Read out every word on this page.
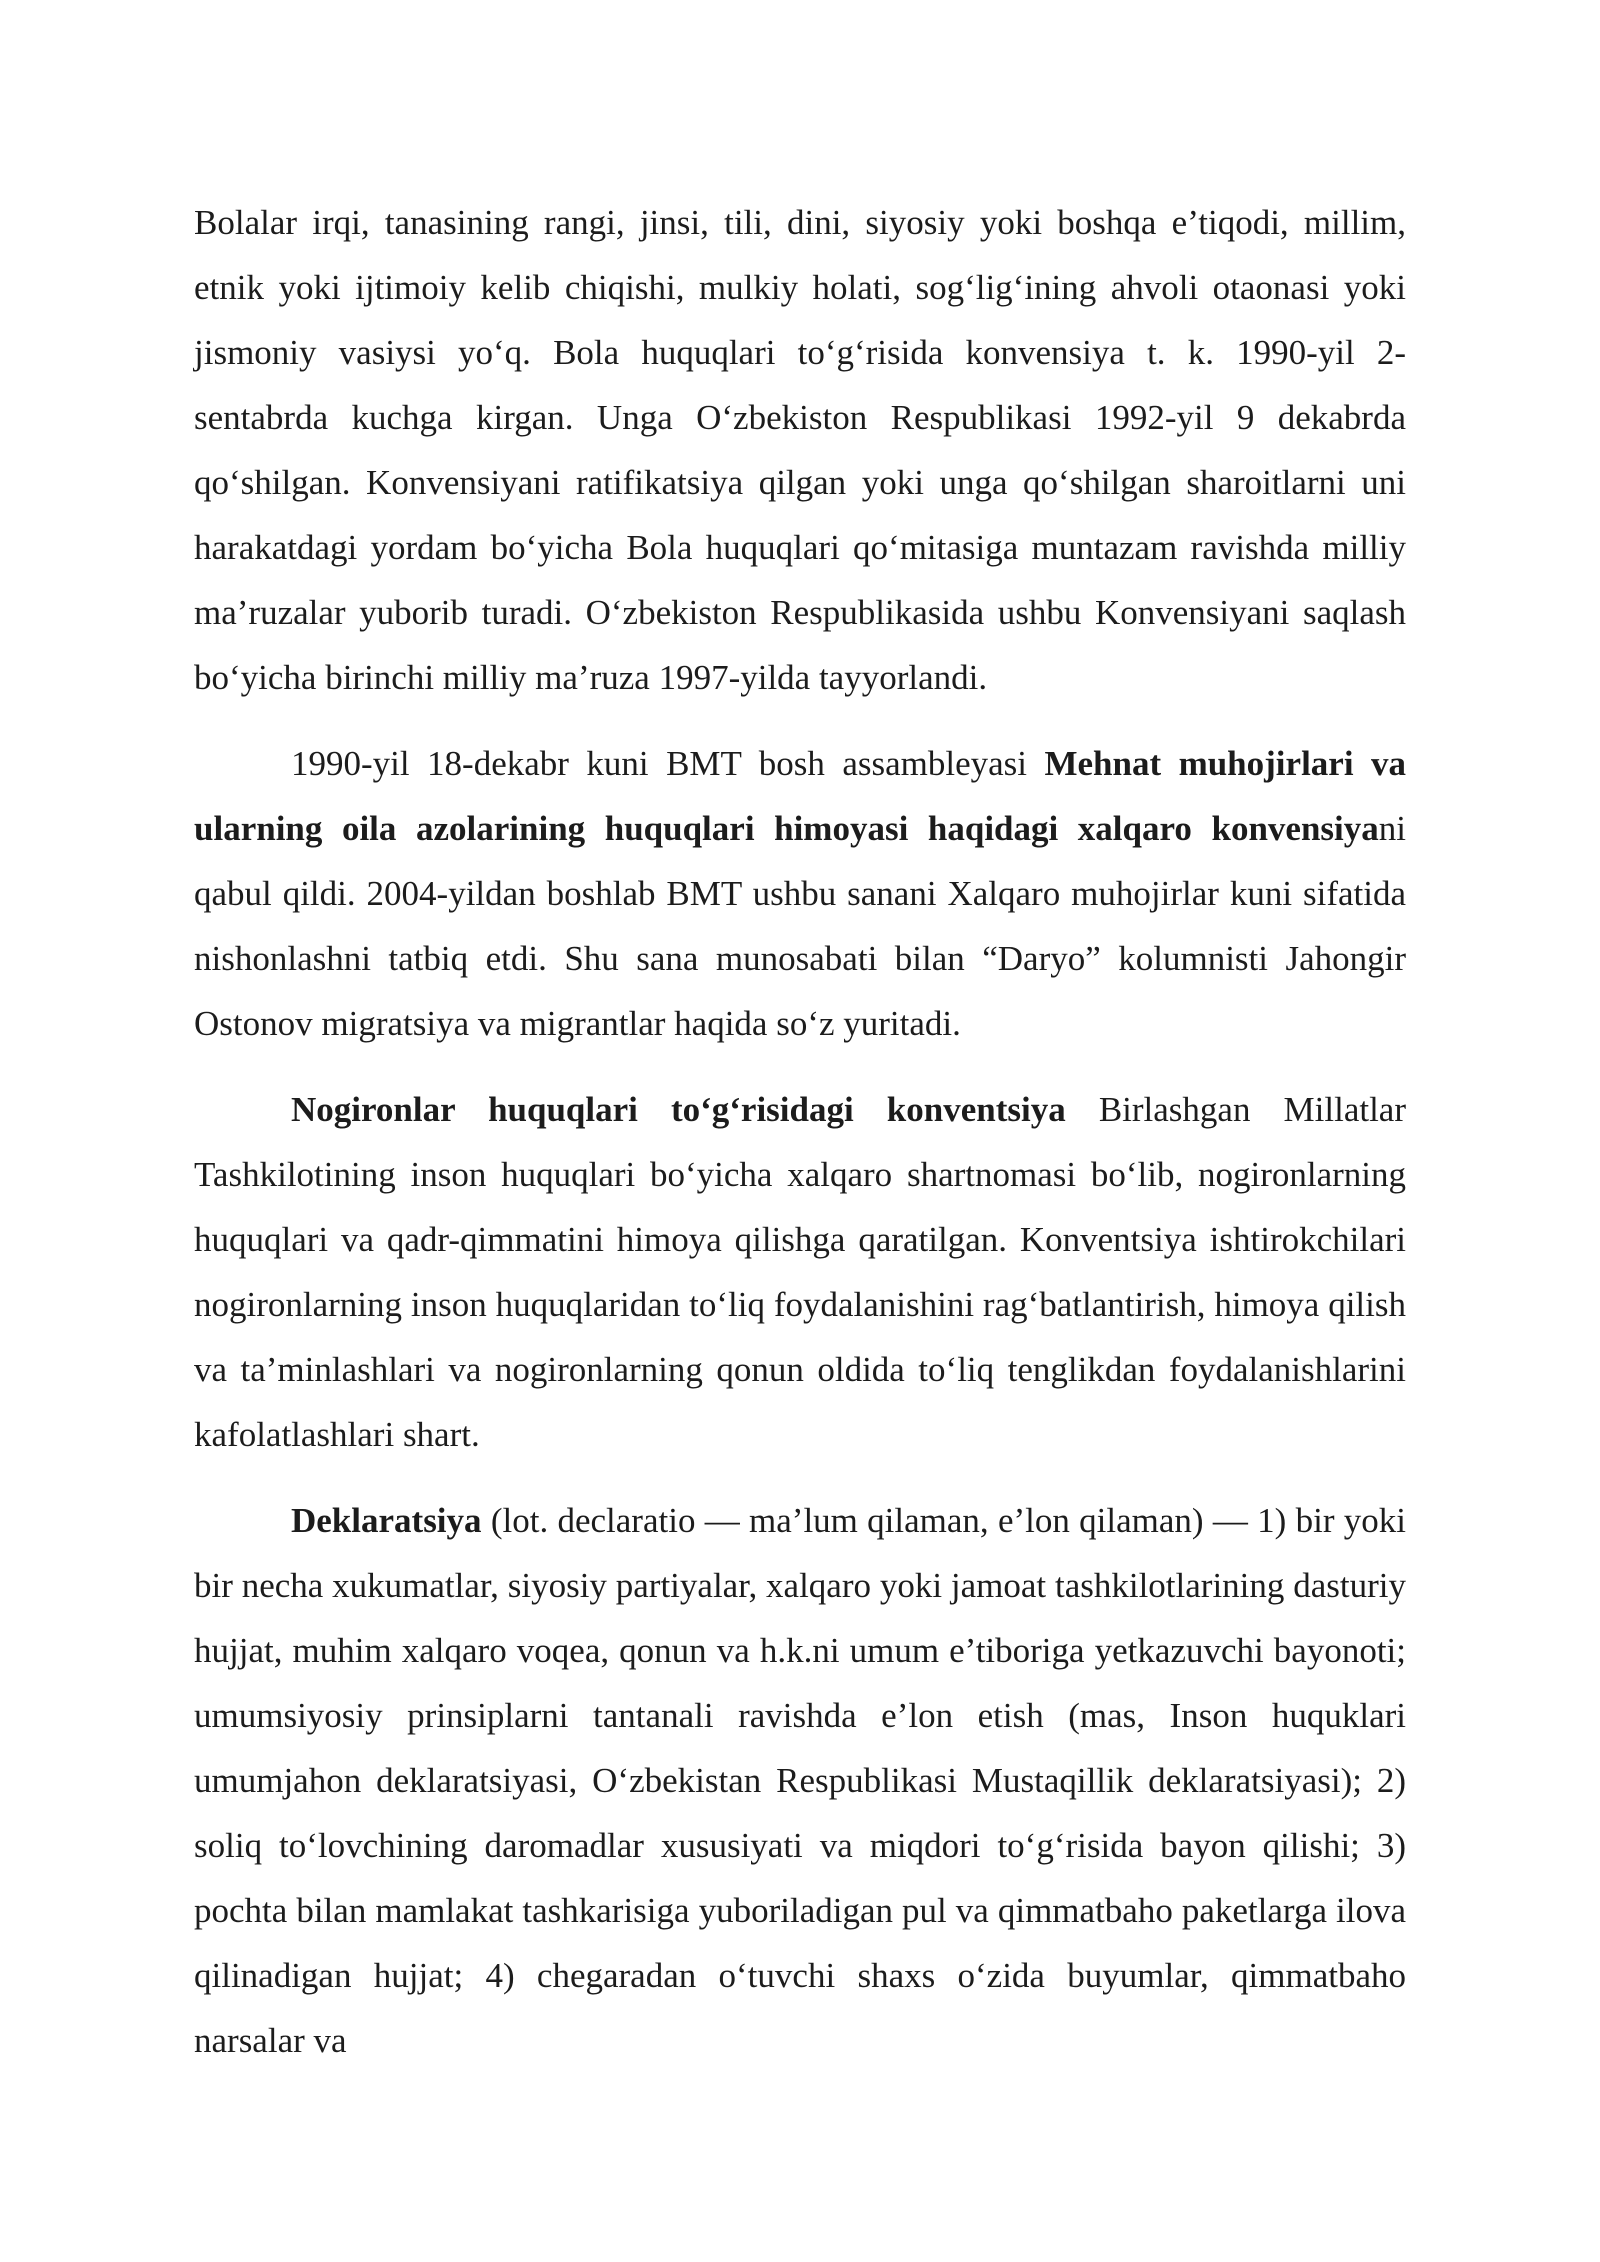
Bolalar irqi, tanasining rangi, jinsi, tili, dini, siyosiy yoki boshqa e’tiqodi, millim, etnik yoki ijtimoiy kelib chiqishi, mulkiy holati, sog‘lig‘ining ahvoli otaonasi yoki jismoniy vasiysi yo‘q. Bola huquqlari to‘g‘risida konvensiya t. k. 1990-yil 2-sentabrda kuchga kirgan. Unga O‘zbekiston Respublikasi 1992-yil 9 dekabrda qo‘shilgan. Konvensiyani ratifikatsiya qilgan yoki unga qo‘shilgan sharoitlarni uni harakatdagi yordam bo‘yicha Bola huquqlari qo‘mitasiga muntazam ravishda milliy ma’ruzalar yuborib turadi. O‘zbekiston Respublikasida ushbu Konvensiyani saqlash bo‘yicha birinchi milliy ma’ruza 1997-yilda tayyorlandi.

1990-yil 18-dekabr kuni BMT bosh assambleyasi Mehnat muhojirlari va ularning oila azolarining huquqlari himoyasi haqidagi xalqaro konvensiyani qabul qildi. 2004-yildan boshlab BMT ushbu sanani Xalqaro muhojirlar kuni sifatida nishonlashni tatbiq etdi. Shu sana munosabati bilan “Daryo” kolumnisti Jahongir Ostonov migratsiya va migrantlar haqida so‘z yuritadi.

Nogironlar huquqlari to‘g‘risidagi konventsiya Birlashgan Millatlar Tashkilotining inson huquqlari bo‘yicha xalqaro shartnomasi bo‘lib, nogironlarning huquqlari va qadr-qimmatini himoya qilishga qaratilgan. Konventsiya ishtirokchilari nogironlarning inson huquqlaridan to‘liq foydalanishini rag‘batlantirish, himoya qilish va ta’minlashlari va nogironlarning qonun oldida to‘liq tenglikdan foydalanishlarini kafolatlashlari shart.

Deklaratsiya (lot. declaratio — ma’lum qilaman, e’lon qilaman) — 1) bir yoki bir necha xukumatlar, siyosiy partiyalar, xalqaro yoki jamoat tashkilotlarining dasturiy hujjat, muhim xalqaro voqea, qonun va h.k.ni umum e’tiboriga yetkazuvchi bayonoti; umumsiyosiy prinsiplarni tantanali ravishda e’lon etish (mas, Inson huquklari umumjahon deklaratsiyasi, O‘zbekistan Respublikasi Mustaqillik deklaratsiyasi); 2) soliq to‘lovchining daromadlar xususiyati va miqdori to‘g‘risida bayon qilishi; 3) pochta bilan mamlakat tashkarisiga yuboriladigan pul va qimmatbaho paketlarga ilova qilinadigan hujjat; 4) chegaradan o‘tuvchi shaxs o‘zida buyumlar, qimmatbaho narsalar va
